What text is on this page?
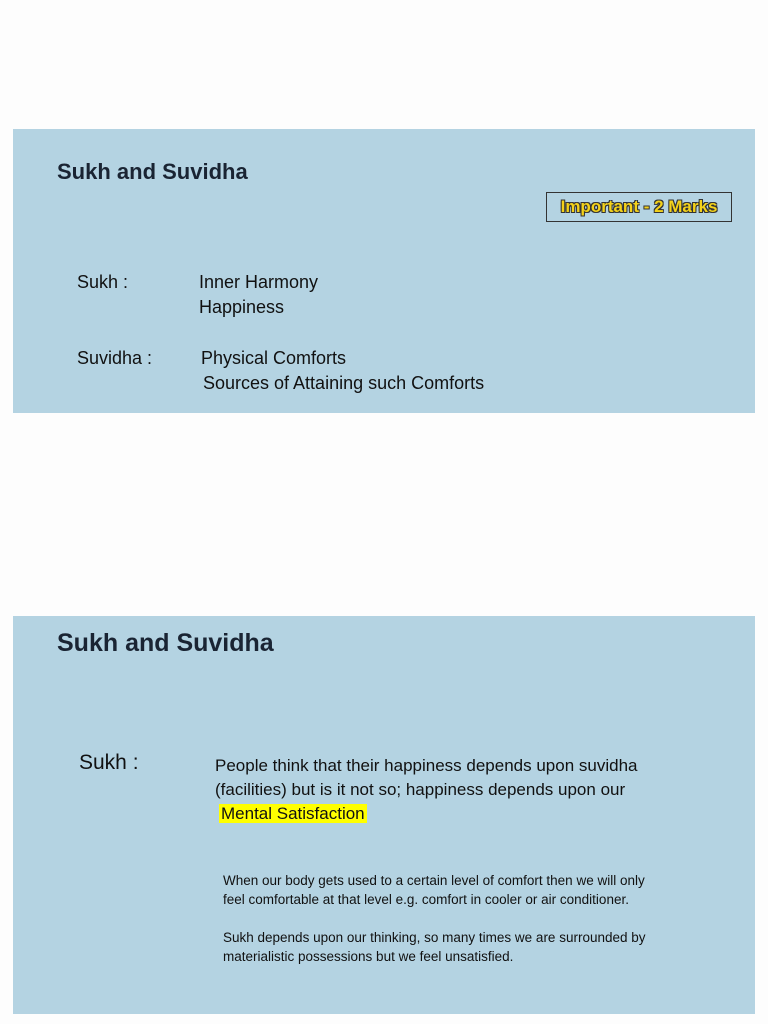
Sukh and Suvidha
Important - 2 Marks
Sukh :	Inner Harmony
Happiness
Suvidha :	Physical Comforts
Sources of Attaining such Comforts
Sukh and Suvidha
Sukh :	People think that their happiness depends upon suvidha
(facilities) but is it not so; happiness depends upon our
Mental Satisfaction
When our body gets used to a certain level of comfort then we will only
feel comfortable at that level e.g. comfort in cooler or air conditioner.
Sukh depends upon our thinking, so many times we are surrounded by
materialistic possessions but we feel unsatisfied.
